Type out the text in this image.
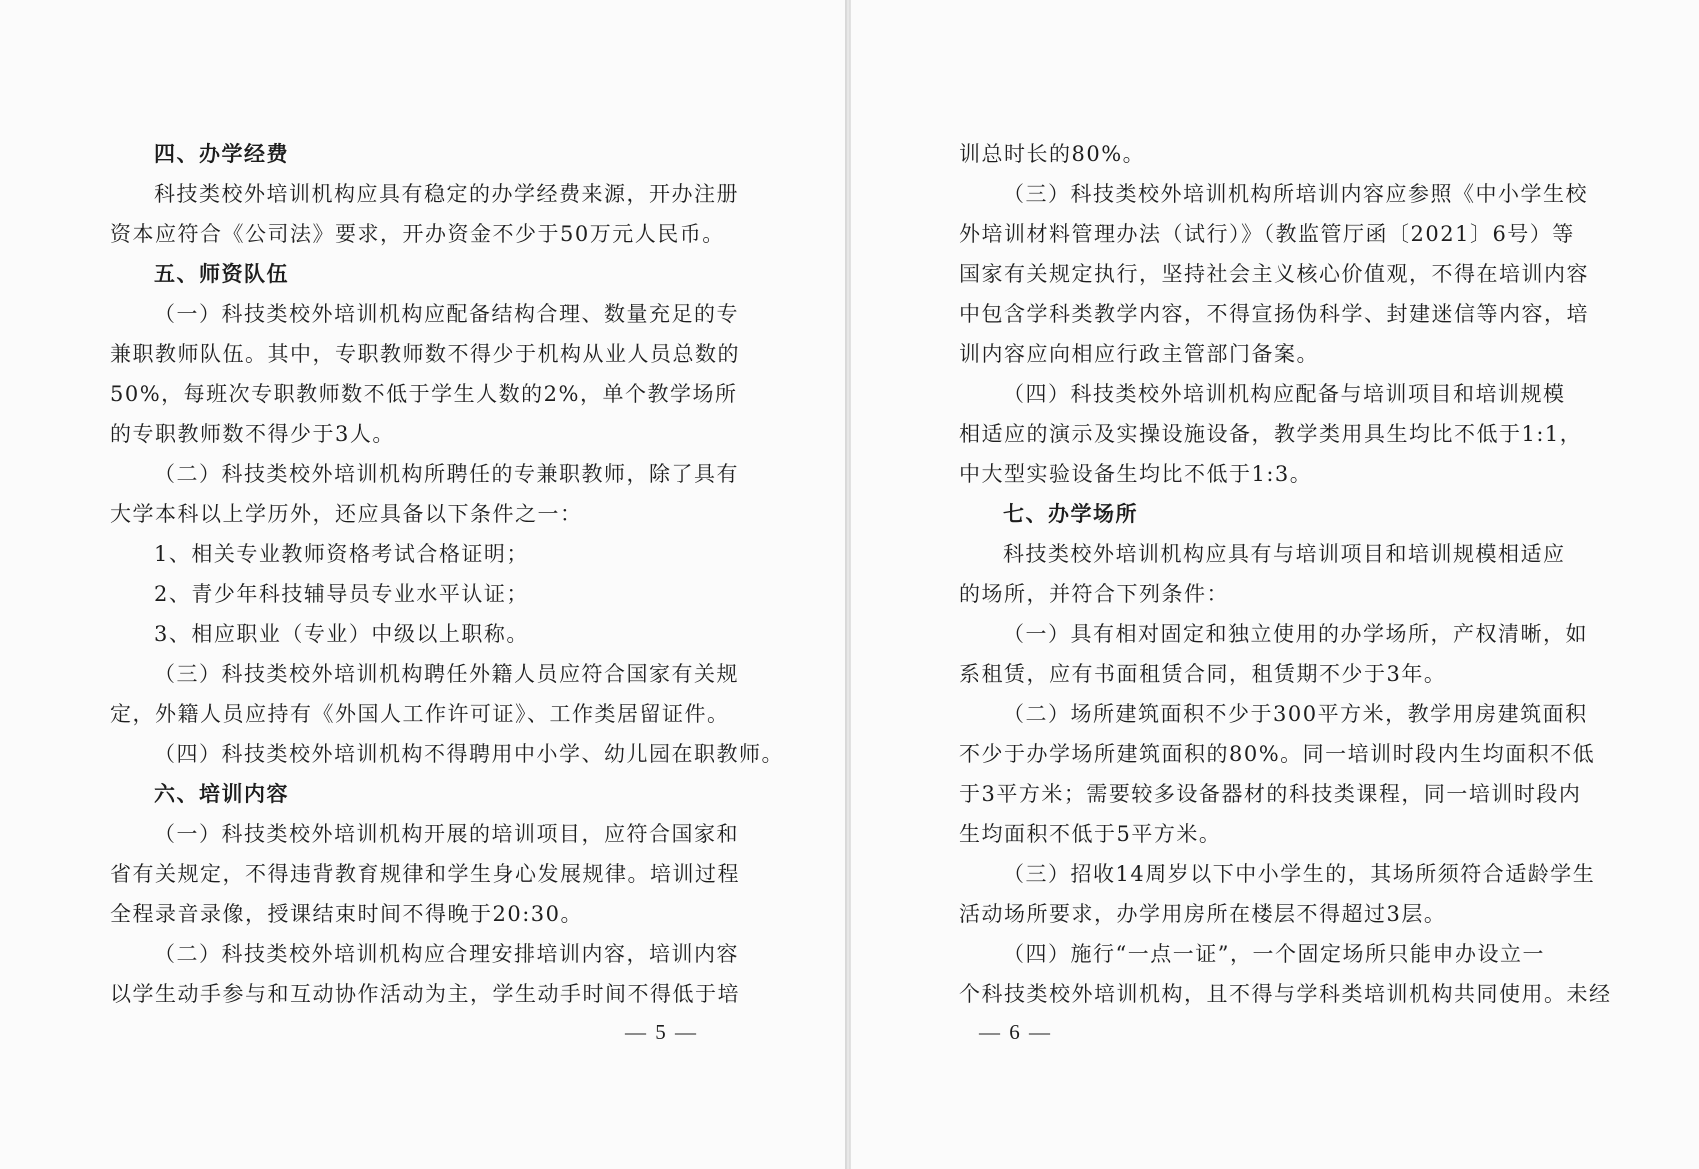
四、办学经费
科技类校外培训机构应具有稳定的办学经费来源，开办注册
资本应符合《公司法》要求，开办资金不少于50万元人民币。
五、师资队伍
（一）科技类校外培训机构应配备结构合理、数量充足的专
兼职教师队伍。其中，专职教师数不得少于机构从业人员总数的
50%，每班次专职教师数不低于学生人数的2%，单个教学场所
的专职教师数不得少于3人。
（二）科技类校外培训机构所聘任的专兼职教师，除了具有
大学本科以上学历外，还应具备以下条件之一：
1、相关专业教师资格考试合格证明；
2、青少年科技辅导员专业水平认证；
3、相应职业（专业）中级以上职称。
（三）科技类校外培训机构聘任外籍人员应符合国家有关规
定，外籍人员应持有《外国人工作许可证》、工作类居留证件。
（四）科技类校外培训机构不得聘用中小学、幼儿园在职教师。
六、培训内容
（一）科技类校外培训机构开展的培训项目，应符合国家和
省有关规定，不得违背教育规律和学生身心发展规律。培训过程
全程录音录像，授课结束时间不得晚于20:30。
（二）科技类校外培训机构应合理安排培训内容，培训内容
以学生动手参与和互动协作活动为主，学生动手时间不得低于培
— 5 —
训总时长的80%。
（三）科技类校外培训机构所培训内容应参照《中小学生校
外培训材料管理办法（试行）》（教监管厅函〔2021〕6号）等
国家有关规定执行，坚持社会主义核心价值观，不得在培训内容
中包含学科类教学内容，不得宣扬伪科学、封建迷信等内容，培
训内容应向相应行政主管部门备案。
（四）科技类校外培训机构应配备与培训项目和培训规模
相适应的演示及实操设施设备，教学类用具生均比不低于1:1，
中大型实验设备生均比不低于1:3。
七、办学场所
科技类校外培训机构应具有与培训项目和培训规模相适应
的场所，并符合下列条件：
（一）具有相对固定和独立使用的办学场所，产权清晰，如
系租赁，应有书面租赁合同，租赁期不少于3年。
（二）场所建筑面积不少于300平方米，教学用房建筑面积
不少于办学场所建筑面积的80%。同一培训时段内生均面积不低
于3平方米；需要较多设备器材的科技类课程，同一培训时段内
生均面积不低于5平方米。
（三）招收14周岁以下中小学生的，其场所须符合适龄学生
活动场所要求，办学用房所在楼层不得超过3层。
（四）施行“一点一证”，一个固定场所只能申办设立一
个科技类校外培训机构，且不得与学科类培训机构共同使用。未经
— 6 —
